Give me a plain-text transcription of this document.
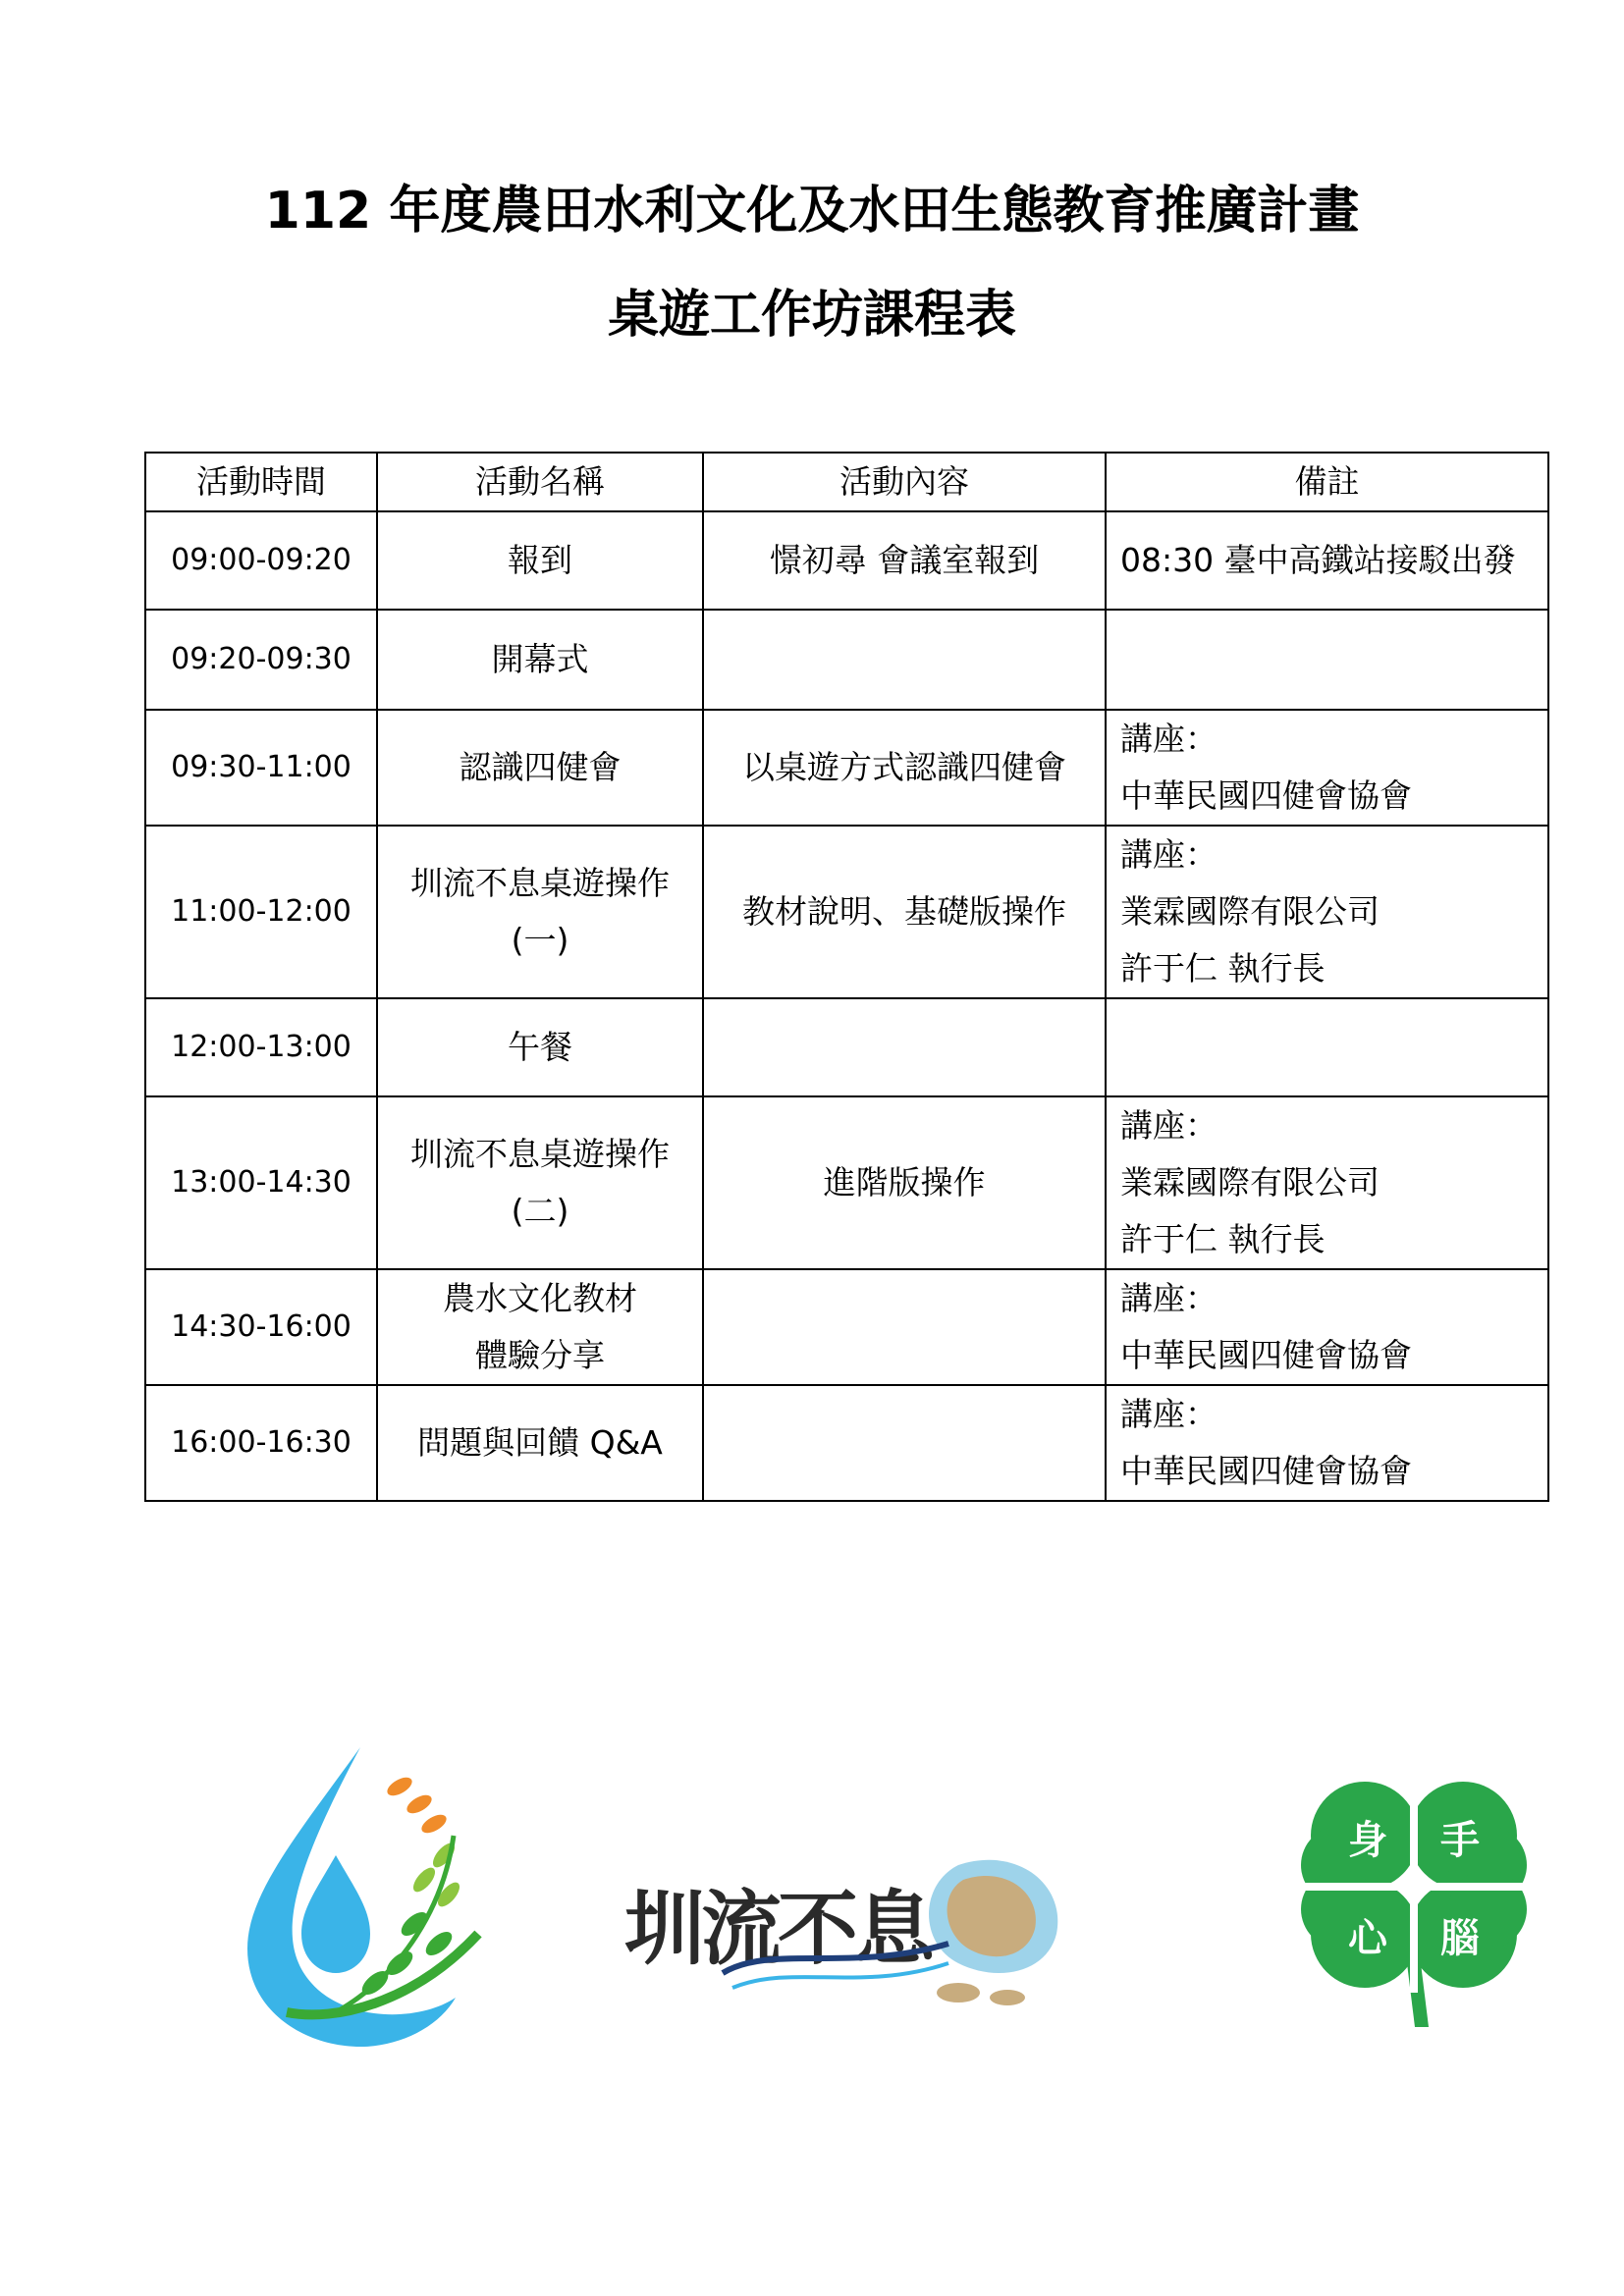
112 年度農田水利文化及水田生態教育推廣計畫
桌遊工作坊課程表
活動時間	活動名稱	活動內容	備註
09:00-09:20	報到	憬初尋 會議室報到	08:30 臺中高鐵站接駁出發

09:20-09:30	開幕式		

09:30-11:00	認識四健會	以桌遊方式認識四健會	講座：
中華民國四健會協會

11:00-12:00	圳流不息桌遊操作
(一)	教材說明、基礎版操作	講座：
業霖國際有限公司
許于仁 執行長

12:00-13:00	午餐		

13:00-14:30	圳流不息桌遊操作
(二)	進階版操作	講座：
業霖國際有限公司
許于仁 執行長

14:30-16:00	農水文化教材
體驗分享		講座：
中華民國四健會協會

16:00-16:30	問題與回饋 Q&A		講座：
中華民國四健會協會
圳流不息
身 手
心 腦
